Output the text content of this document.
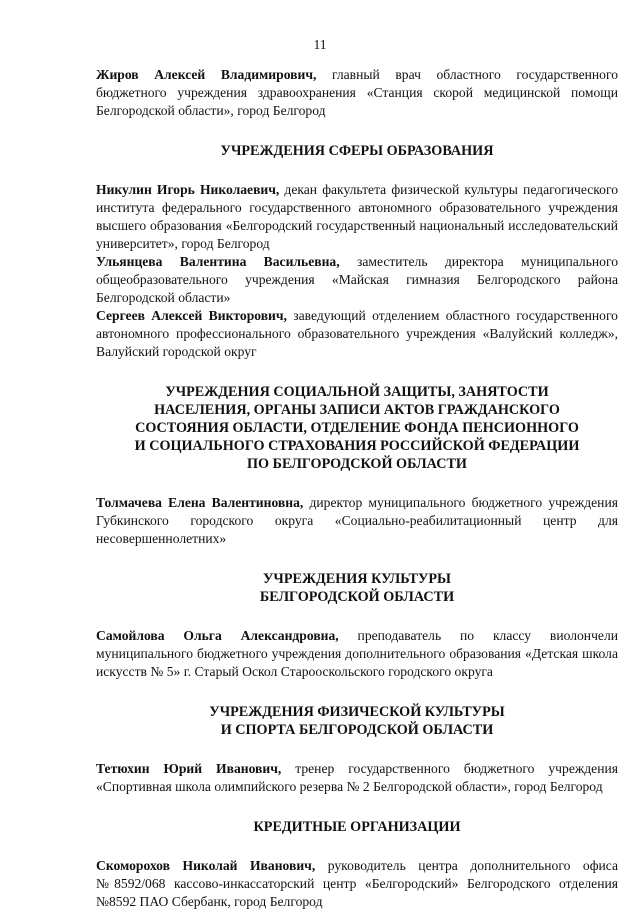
11

Жиров Алексей Владимирович, главный врач областного государственного бюджетного учреждения здравоохранения «Станция скорой медицинской помощи Белгородской области», город Белгород

УЧРЕЖДЕНИЯ СФЕРЫ ОБРАЗОВАНИЯ

Никулин Игорь Николаевич, декан факультета физической культуры педагогического института федерального государственного автономного образовательного учреждения высшего образования «Белгородский государственный национальный исследовательский университет», город Белгород

Ульянцева Валентина Васильевна, заместитель директора муниципального общеобразовательного учреждения «Майская гимназия Белгородского района Белгородской области»

Сергеев Алексей Викторович, заведующий отделением областного государственного автономного профессионального образовательного учреждения «Валуйский колледж», Валуйский городской округ

УЧРЕЖДЕНИЯ СОЦИАЛЬНОЙ ЗАЩИТЫ, ЗАНЯТОСТИ
НАСЕЛЕНИЯ, ОРГАНЫ ЗАПИСИ АКТОВ ГРАЖДАНСКОГО
СОСТОЯНИЯ ОБЛАСТИ, ОТДЕЛЕНИЕ ФОНДА ПЕНСИОННОГО
И СОЦИАЛЬНОГО СТРАХОВАНИЯ РОССИЙСКОЙ ФЕДЕРАЦИИ
ПО БЕЛГОРОДСКОЙ ОБЛАСТИ

Толмачева Елена Валентиновна, директор муниципального бюджетного учреждения Губкинского городского округа «Социально-реабилитационный центр для несовершеннолетних»

УЧРЕЖДЕНИЯ КУЛЬТУРЫ
БЕЛГОРОДСКОЙ ОБЛАСТИ

Самойлова Ольга Александровна, преподаватель по классу виолончели муниципального бюджетного учреждения дополнительного образования «Детская школа искусств № 5» г. Старый Оскол Старооскольского городского округа

УЧРЕЖДЕНИЯ ФИЗИЧЕСКОЙ КУЛЬТУРЫ
И СПОРТА БЕЛГОРОДСКОЙ ОБЛАСТИ

Тетюхин Юрий Иванович, тренер государственного бюджетного учреждения «Спортивная школа олимпийского резерва № 2 Белгородской области», город Белгород

КРЕДИТНЫЕ ОРГАНИЗАЦИИ

Скоморохов Николай Иванович, руководитель центра дополнительного офиса №8592/068 кассово-инкассаторский центр «Белгородский» Белгородского отделения №8592 ПАО Сбербанк, город Белгород
